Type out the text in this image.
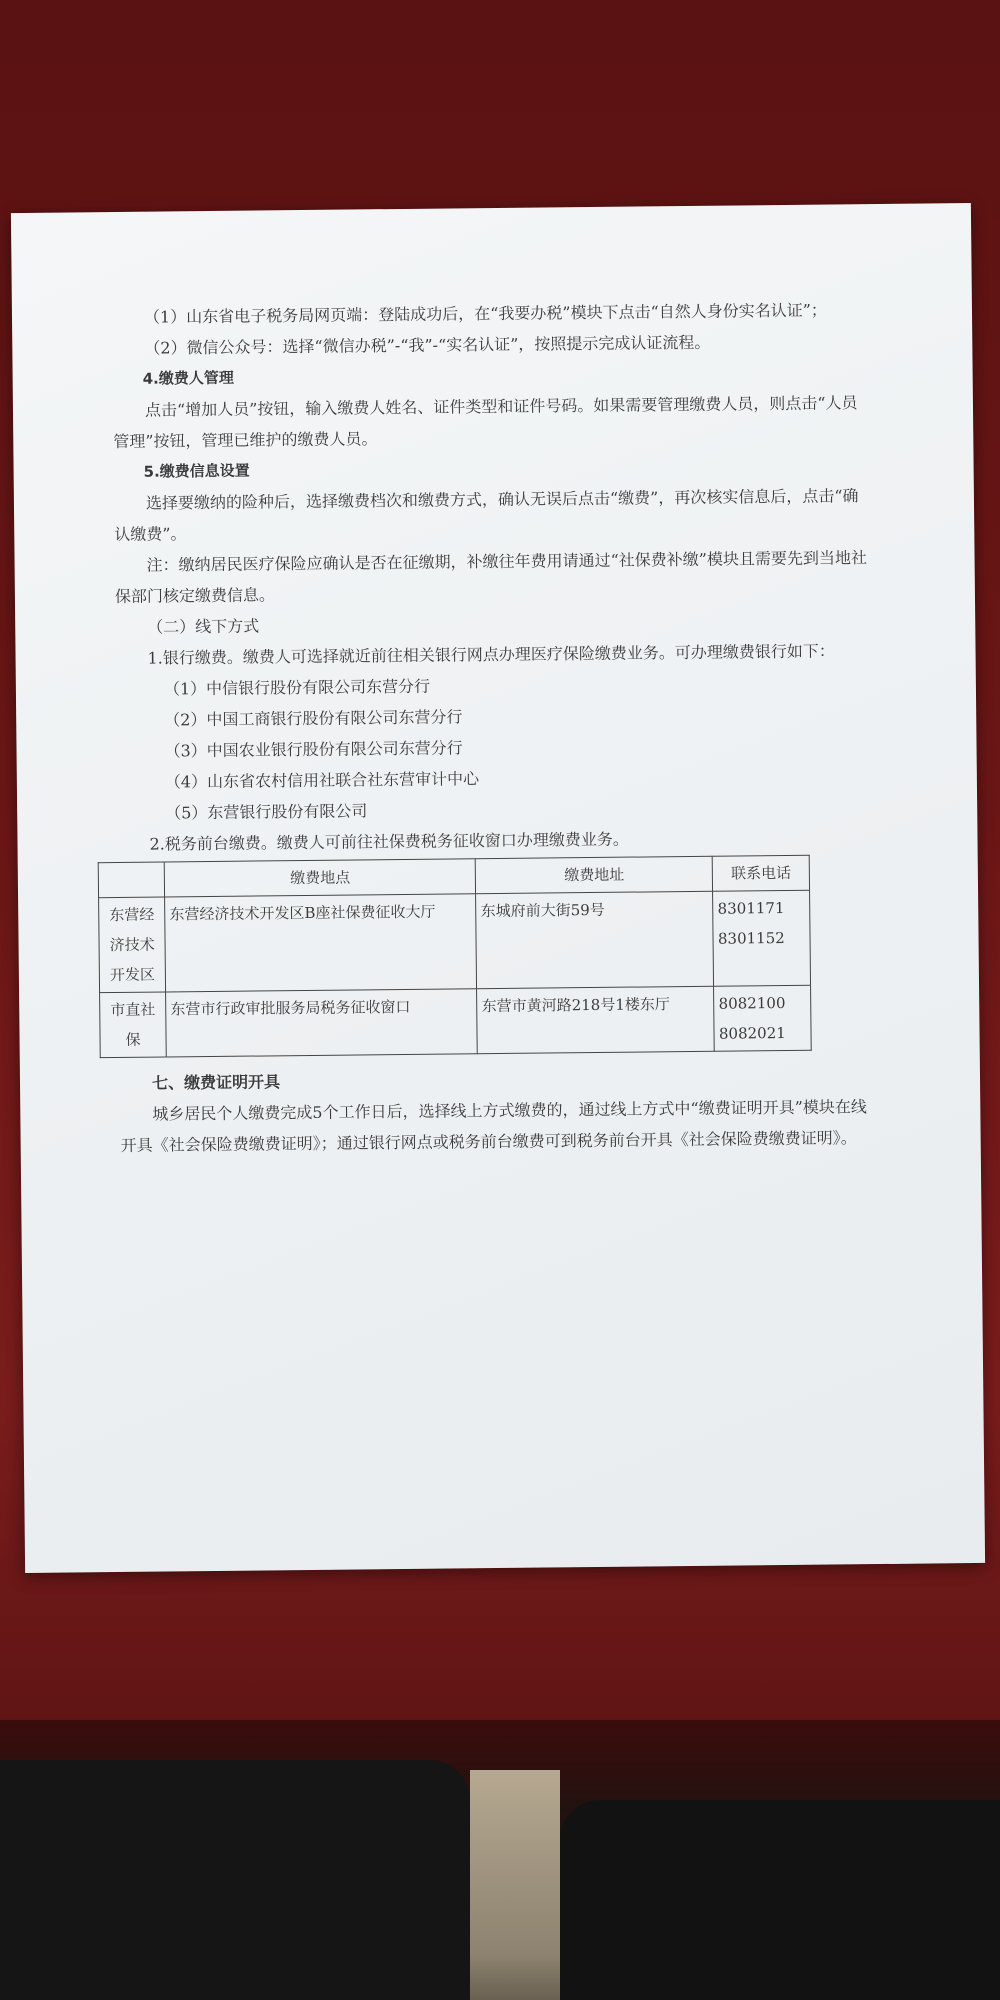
（1）山东省电子税务局网页端：登陆成功后，在“我要办税”模块下点击“自然人身份实名认证”；

（2）微信公众号：选择“微信办税”-“我”-“实名认证”，按照提示完成认证流程。

4.缴费人管理

点击“增加人员”按钮，输入缴费人姓名、证件类型和证件号码。如果需要管理缴费人员，则点击“人员管理”按钮，管理已维护的缴费人员。

5.缴费信息设置

选择要缴纳的险种后，选择缴费档次和缴费方式，确认无误后点击“缴费”，再次核实信息后，点击“确认缴费”。

注：缴纳居民医疗保险应确认是否在征缴期，补缴往年费用请通过“社保费补缴”模块且需要先到当地社保部门核定缴费信息。

（二）线下方式

1.银行缴费。缴费人可选择就近前往相关银行网点办理医疗保险缴费业务。可办理缴费银行如下：

（1）中信银行股份有限公司东营分行

（2）中国工商银行股份有限公司东营分行

（3）中国农业银行股份有限公司东营分行

（4）山东省农村信用社联合社东营审计中心

（5）东营银行股份有限公司

2.税务前台缴费。缴费人可前往社保费税务征收窗口办理缴费业务。

	缴费地点	缴费地址	联系电话
东营经济技术开发区	东营经济技术开发区B座社保费征收大厅	东城府前大街59号	8301171
8301152

市直社保	东营市行政审批服务局税务征收窗口	东营市黄河路218号1楼东厅	8082100
8082021

七、缴费证明开具

城乡居民个人缴费完成5个工作日后，选择线上方式缴费的，通过线上方式中“缴费证明开具”模块在线开具《社会保险费缴费证明》；通过银行网点或税务前台缴费可到税务前台开具《社会保险费缴费证明》。
